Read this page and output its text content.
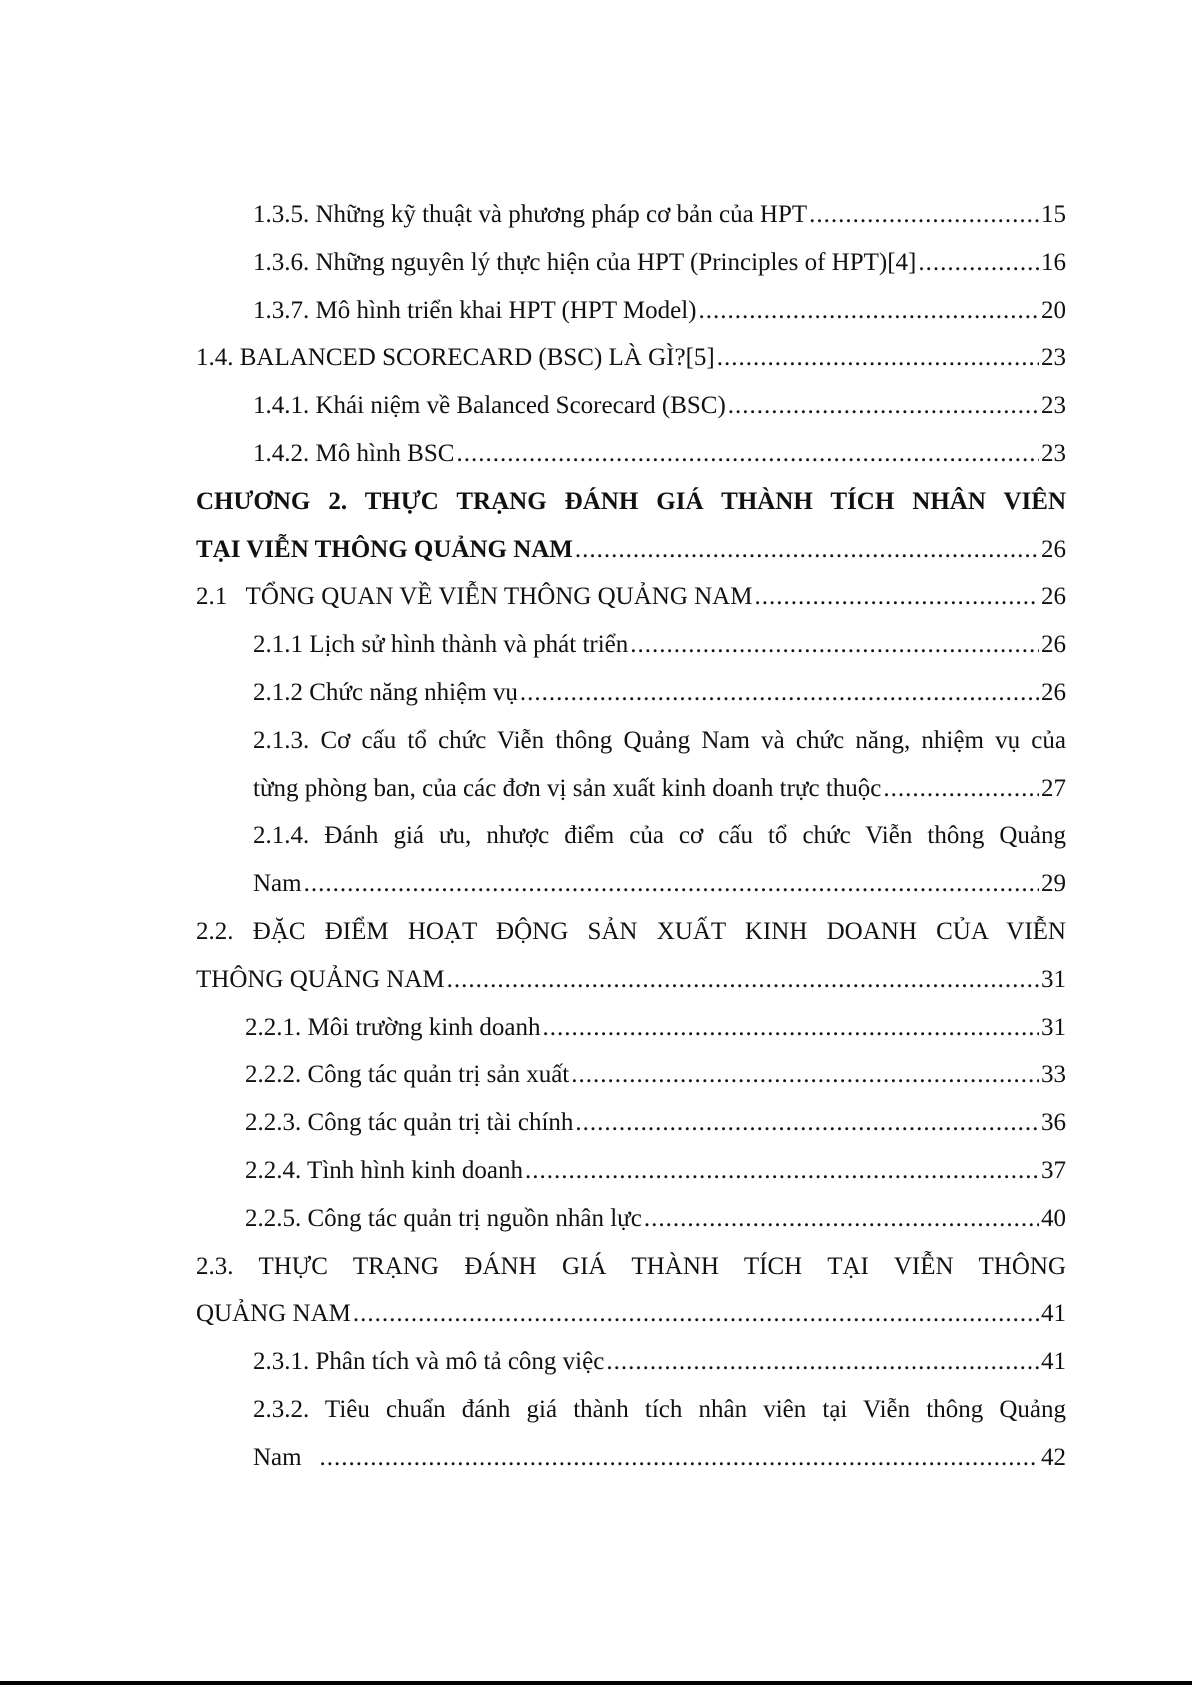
1.3.5. Những kỹ thuật và phương pháp cơ bản của HPT .....	15
1.3.6. Những nguyên lý thực hiện của HPT (Principles of HPT)[4] .....	16
1.3.7. Mô hình triển khai HPT (HPT Model) .....	20
1.4. BALANCED SCORECARD (BSC) LÀ GÌ?[5] .....	23
1.4.1. Khái niệm về Balanced Scorecard (BSC) .....	23
1.4.2. Mô hình BSC .....	23
CHƯƠNG 2. THỰC TRẠNG ĐÁNH GIÁ THÀNH TÍCH NHÂN VIÊN
TẠI VIỄN THÔNG QUẢNG NAM .....	26
2.1   TỔNG QUAN VỀ VIỄN THÔNG QUẢNG NAM .....	26
2.1.1 Lịch sử hình thành và phát triển .....	26
2.1.2 Chức năng nhiệm vụ .....	26
2.1.3. Cơ cấu tổ chức Viễn thông Quảng Nam và chức năng, nhiệm vụ của
từng phòng ban, của các đơn vị sản xuất kinh doanh trực thuộc .....	27
2.1.4. Đánh giá ưu, nhược điểm của cơ cấu tổ chức Viễn thông Quảng
Nam .....	29
2.2. ĐẶC ĐIỂM HOẠT ĐỘNG SẢN XUẤT KINH DOANH CỦA VIỄN
THÔNG QUẢNG NAM .....	31
2.2.1. Môi trường kinh doanh .....	31
2.2.2. Công tác quản trị sản xuất .....	33
2.2.3. Công tác quản trị tài chính .....	36
2.2.4. Tình hình kinh doanh .....	37
2.2.5. Công tác quản trị nguồn nhân lực .....	40
2.3. THỰC TRẠNG ĐÁNH GIÁ THÀNH TÍCH TẠI VIỄN THÔNG
QUẢNG NAM .....	41
2.3.1. Phân tích và mô tả công việc .....	41
2.3.2. Tiêu chuẩn đánh giá thành tích nhân viên tại Viễn thông Quảng
Nam .....	42
